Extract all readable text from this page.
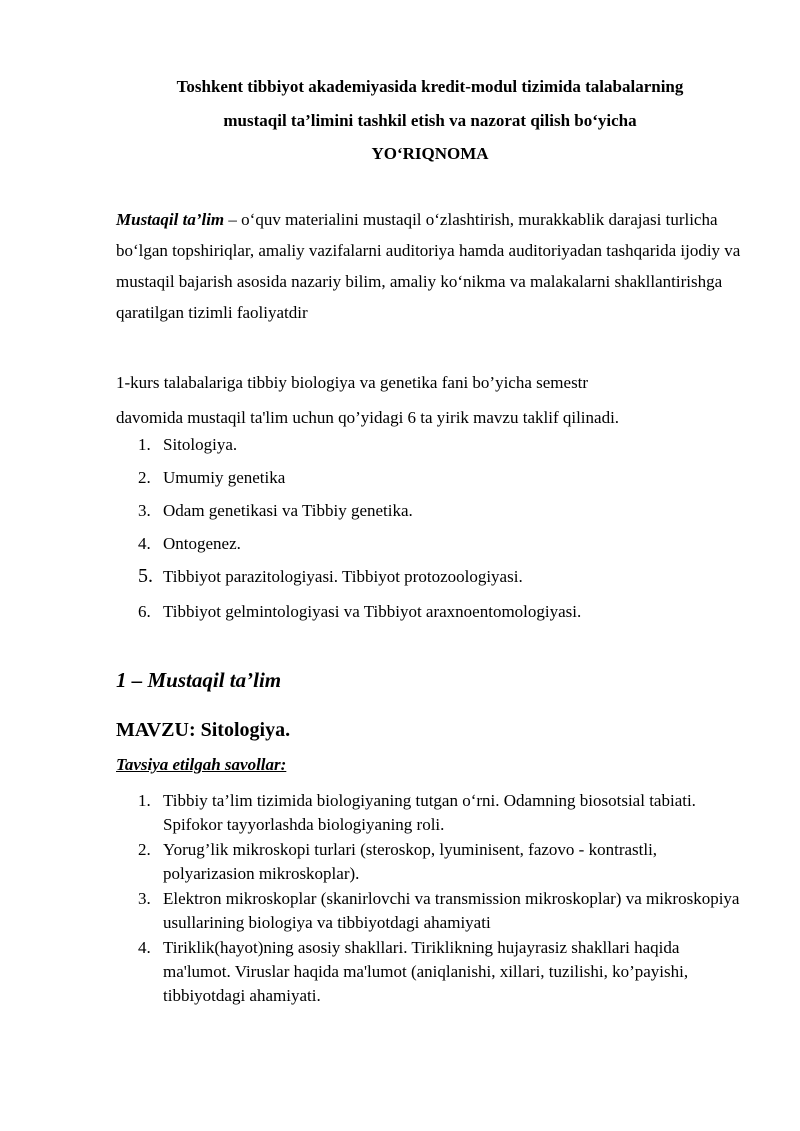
Toshkent tibbiyot akademiyasida kredit-modul tizimida talabalarning
mustaqil ta’limini tashkil etish va nazorat qilish bo‘yicha
YO‘RIQNOMA
Mustaqil ta’lim – o‘quv materialini mustaqil o‘zlashtirish, murakkablik darajasi turlicha bo‘lgan topshiriqlar, amaliy vazifalarni auditoriya hamda auditoriyadan tashqarida ijodiy va mustaqil bajarish asosida nazariy bilim, amaliy ko‘nikma va malakalarni shakllantirishga qaratilgan tizimli faoliyatdir
1-kurs talabalariga tibbiy biologiya va genetika fani bo’yicha semestr
davomida mustaqil ta'lim uchun qo’yidagi 6 ta yirik mavzu taklif qilinadi.
1. Sitologiya.
2. Umumiy genetika
3. Odam genetikasi va Tibbiy genetika.
4. Ontogenez.
5. Tibbiyot parazitologiyasi. Tibbiyot protozoologiyasi.
6. Tibbiyot gelmintologiyasi va Tibbiyot araxnoentomologiyasi.
1 – Mustaqil ta’lim
MAVZU: Sitologiya.
Tavsiya etilgah savollar:
1. Tibbiy ta’lim tizimida biologiyaning tutgan o‘rni. Odamning biosotsial tabiati. Spifokor tayyorlashda biologiyaning roli.
2. Yorug’lik mikroskopi turlari (steroskop, lyuminisent, fazovo - kontrastli, polyarizasion mikroskoplar).
3. Elektron mikroskoplar (skanirlovchi va transmission mikroskoplar) va mikroskopiya usullarining biologiya va tibbiyotdagi ahamiyati
4. Tiriklik(hayot)ning asosiy shakllari. Tiriklikning hujayrasiz shakllari haqida ma'lumot. Viruslar haqida ma'lumot (aniqlanishi, xillari, tuzilishi, ko’payishi, tibbiyotdagi ahamiyati.
